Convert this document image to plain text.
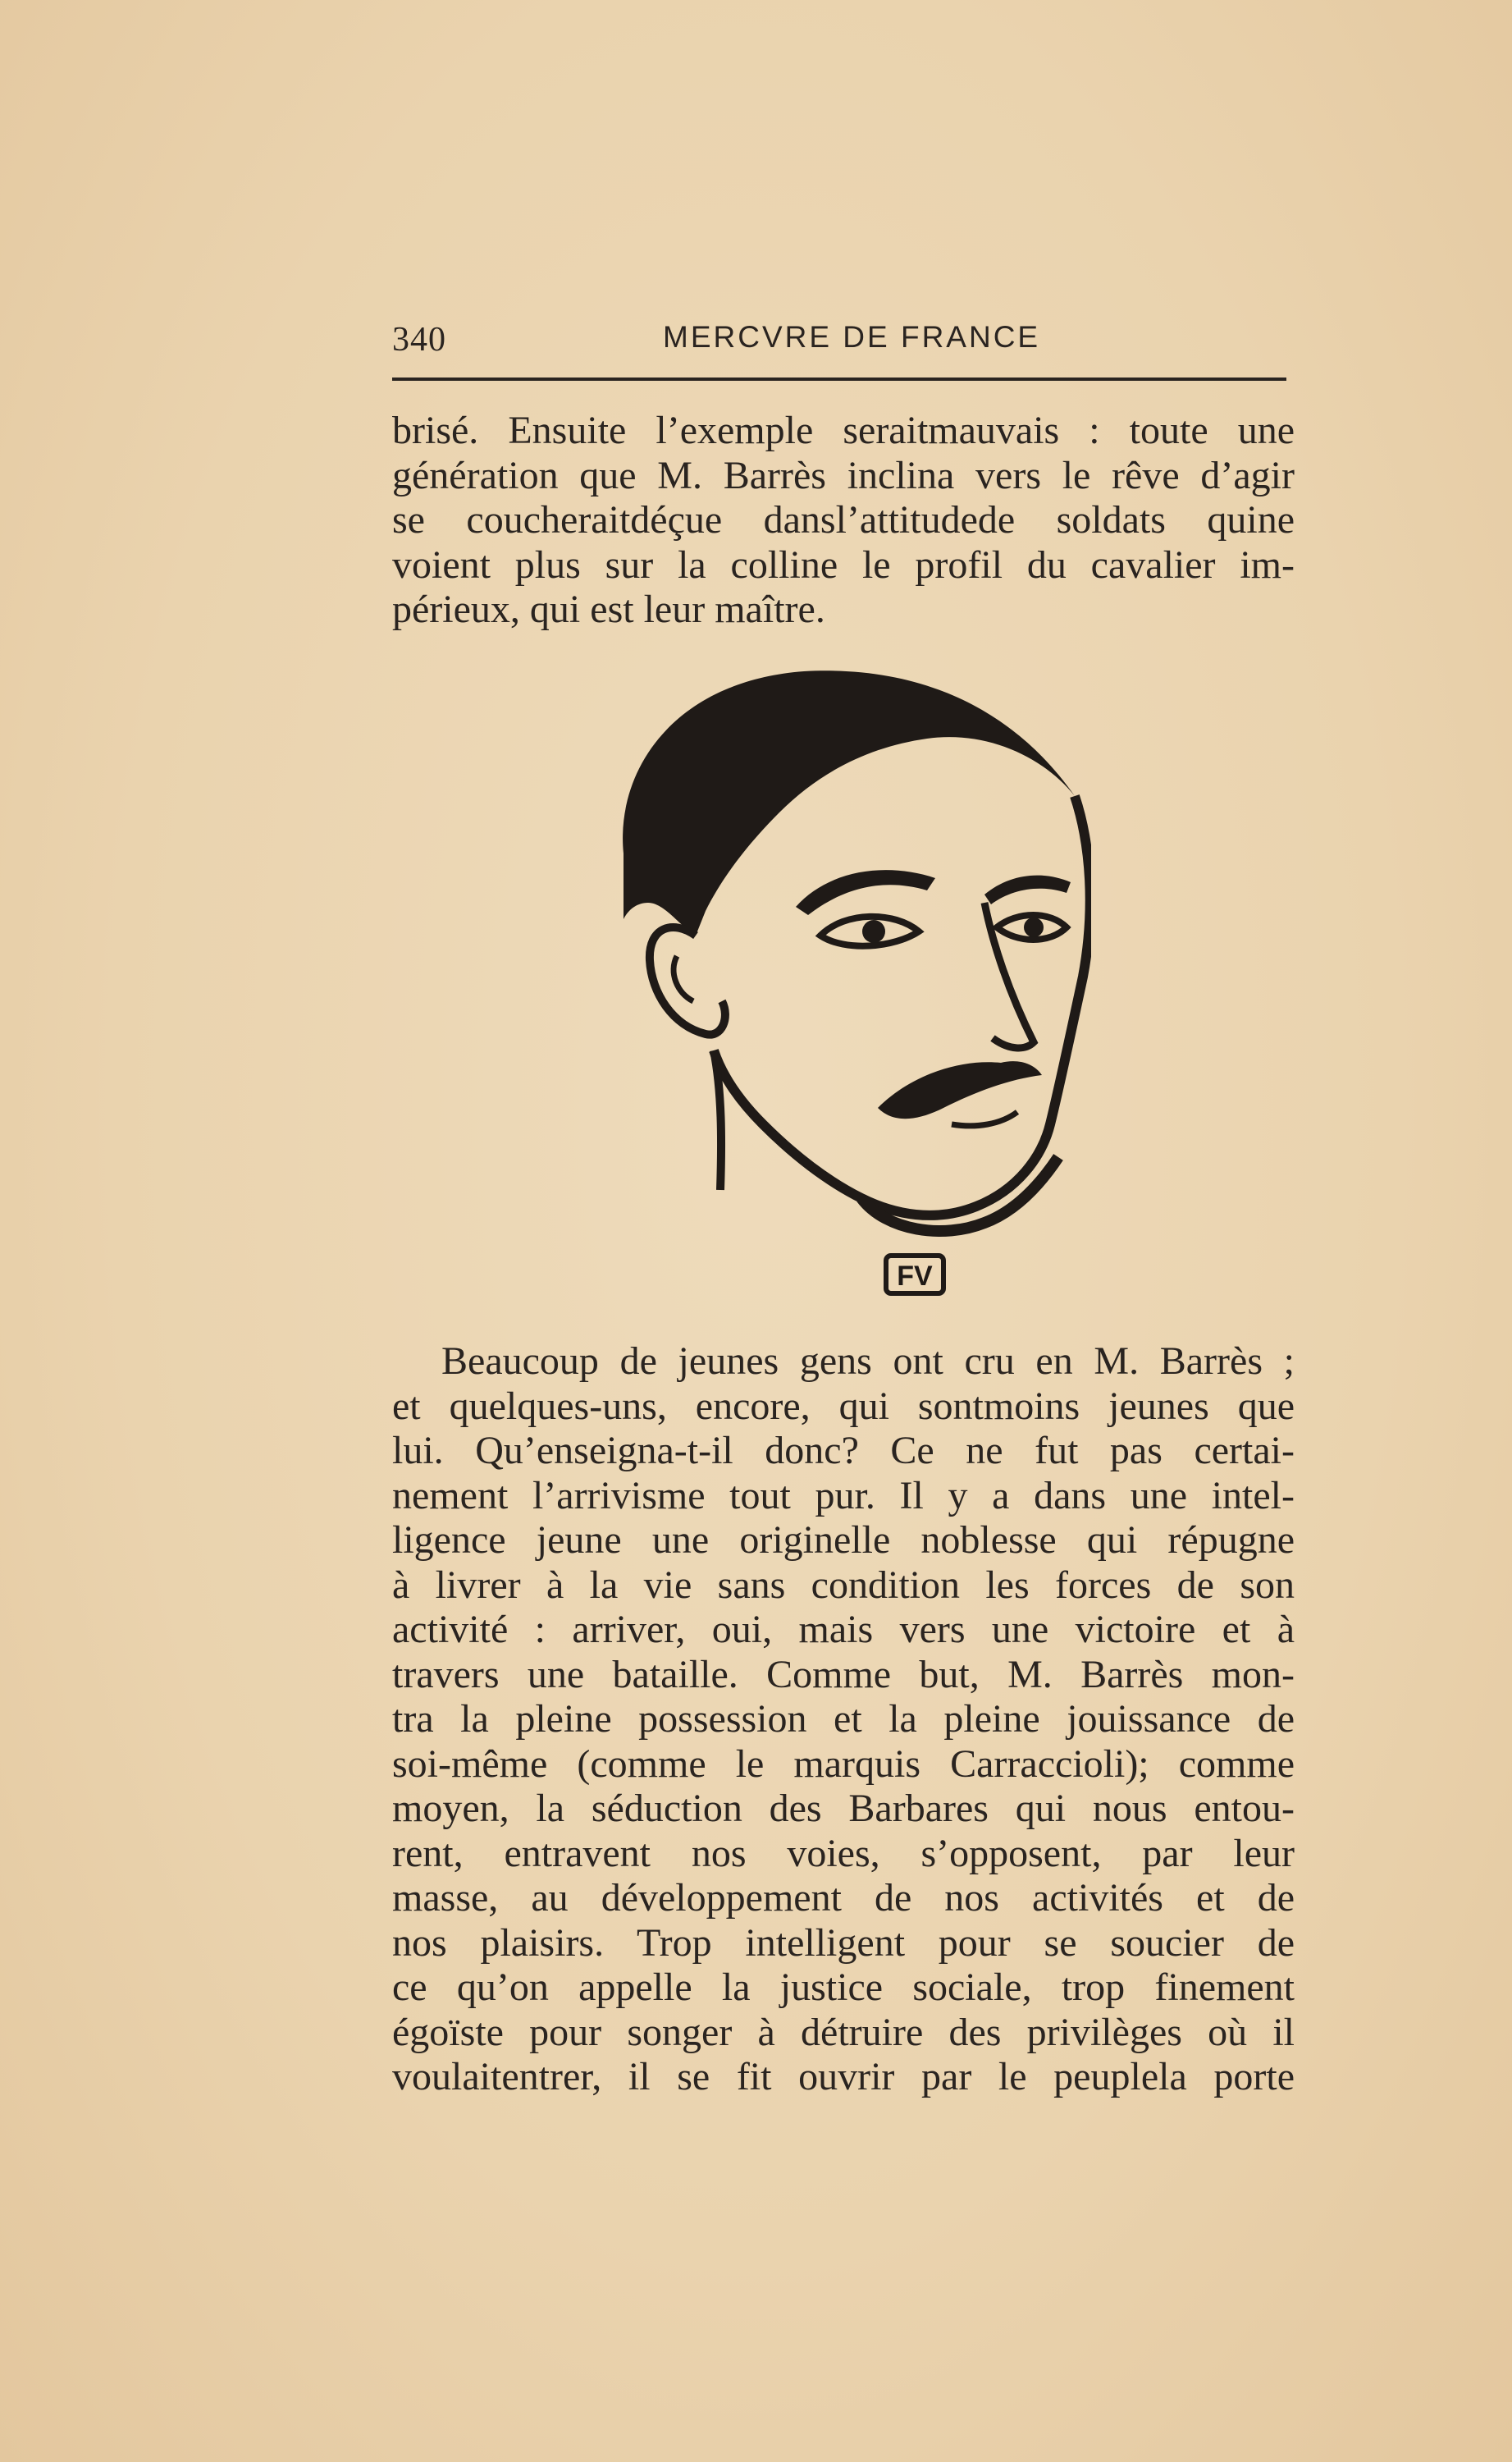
340	MERCVRE DE FRANCE
brisé. Ensuite l’exemple seraitmauvais : toute une
génération que M. Barrès inclina vers le rêve d’agir
se coucheraitdéçue dansl’attitudede soldats quine
voient plus sur la colline le profil du cavalier im-
périeux, qui est leur maître.
FV
Beaucoup de jeunes gens ont cru en M. Barrès ;
et quelques-uns, encore, qui sontmoins jeunes que
lui. Qu’enseigna-t-il donc? Ce ne fut pas certai-
nement l’arrivisme tout pur. Il y a dans une intel-
ligence jeune une originelle noblesse qui répugne
à livrer à la vie sans condition les forces de son
activité : arriver, oui, mais vers une victoire et à
travers une bataille. Comme but, M. Barrès mon-
tra la pleine possession et la pleine jouissance de
soi-même (comme le marquis Carraccioli); comme
moyen, la séduction des Barbares qui nous entou-
rent, entravent nos voies, s’opposent, par leur
masse, au développement de nos activités et de
nos plaisirs. Trop intelligent pour se soucier de
ce qu’on appelle la justice sociale, trop finement
égoïste pour songer à détruire des privilèges où il
voulaitentrer, il se fit ouvrir par le peuplela porte
